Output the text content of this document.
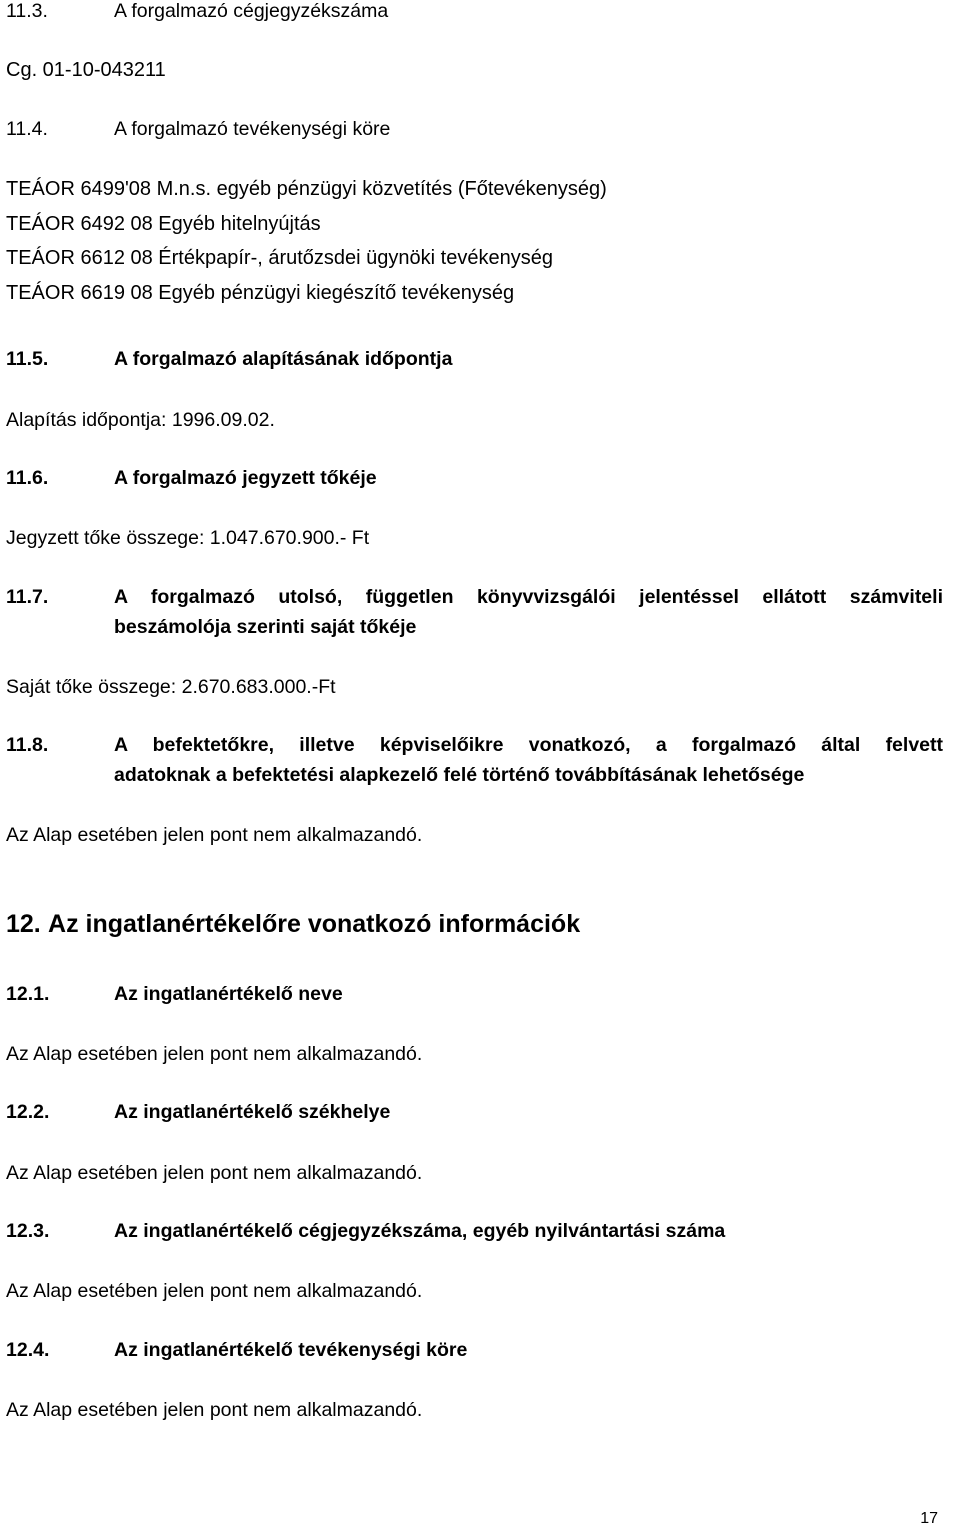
11.3.	A forgalmazó cégjegyzékszáma
Cg. 01-10-043211
11.4.	A forgalmazó tevékenységi köre
TEÁOR 6499'08 M.n.s. egyéb pénzügyi közvetítés (Főtevékenység)
TEÁOR 6492 08 Egyéb hitelnyújtás
TEÁOR 6612 08 Értékpapír-, árutőzsdei ügynöki tevékenység
TEÁOR 6619 08 Egyéb pénzügyi kiegészítő tevékenység
11.5.	A forgalmazó alapításának időpontja
Alapítás időpontja: 1996.09.02.
11.6.	A forgalmazó jegyzett tőkéje
Jegyzett tőke összege: 1.047.670.900.- Ft
11.7.	A forgalmazó utolsó, független könyvvizsgálói jelentéssel ellátott számviteli
beszámolója szerinti saját tőkéje
Saját tőke összege: 2.670.683.000.-Ft
11.8.	A befektetőkre, illetve képviselőikre vonatkozó, a forgalmazó által felvett
adatoknak a befektetési alapkezelő felé történő továbbításának lehetősége
Az Alap esetében jelen pont nem alkalmazandó.
12. Az ingatlanértékelőre vonatkozó információk
12.1.	Az ingatlanértékelő neve
Az Alap esetében jelen pont nem alkalmazandó.
12.2.	Az ingatlanértékelő székhelye
Az Alap esetében jelen pont nem alkalmazandó.
12.3.	Az ingatlanértékelő cégjegyzékszáma, egyéb nyilvántartási száma
Az Alap esetében jelen pont nem alkalmazandó.
12.4.	Az ingatlanértékelő tevékenységi köre
Az Alap esetében jelen pont nem alkalmazandó.
17
